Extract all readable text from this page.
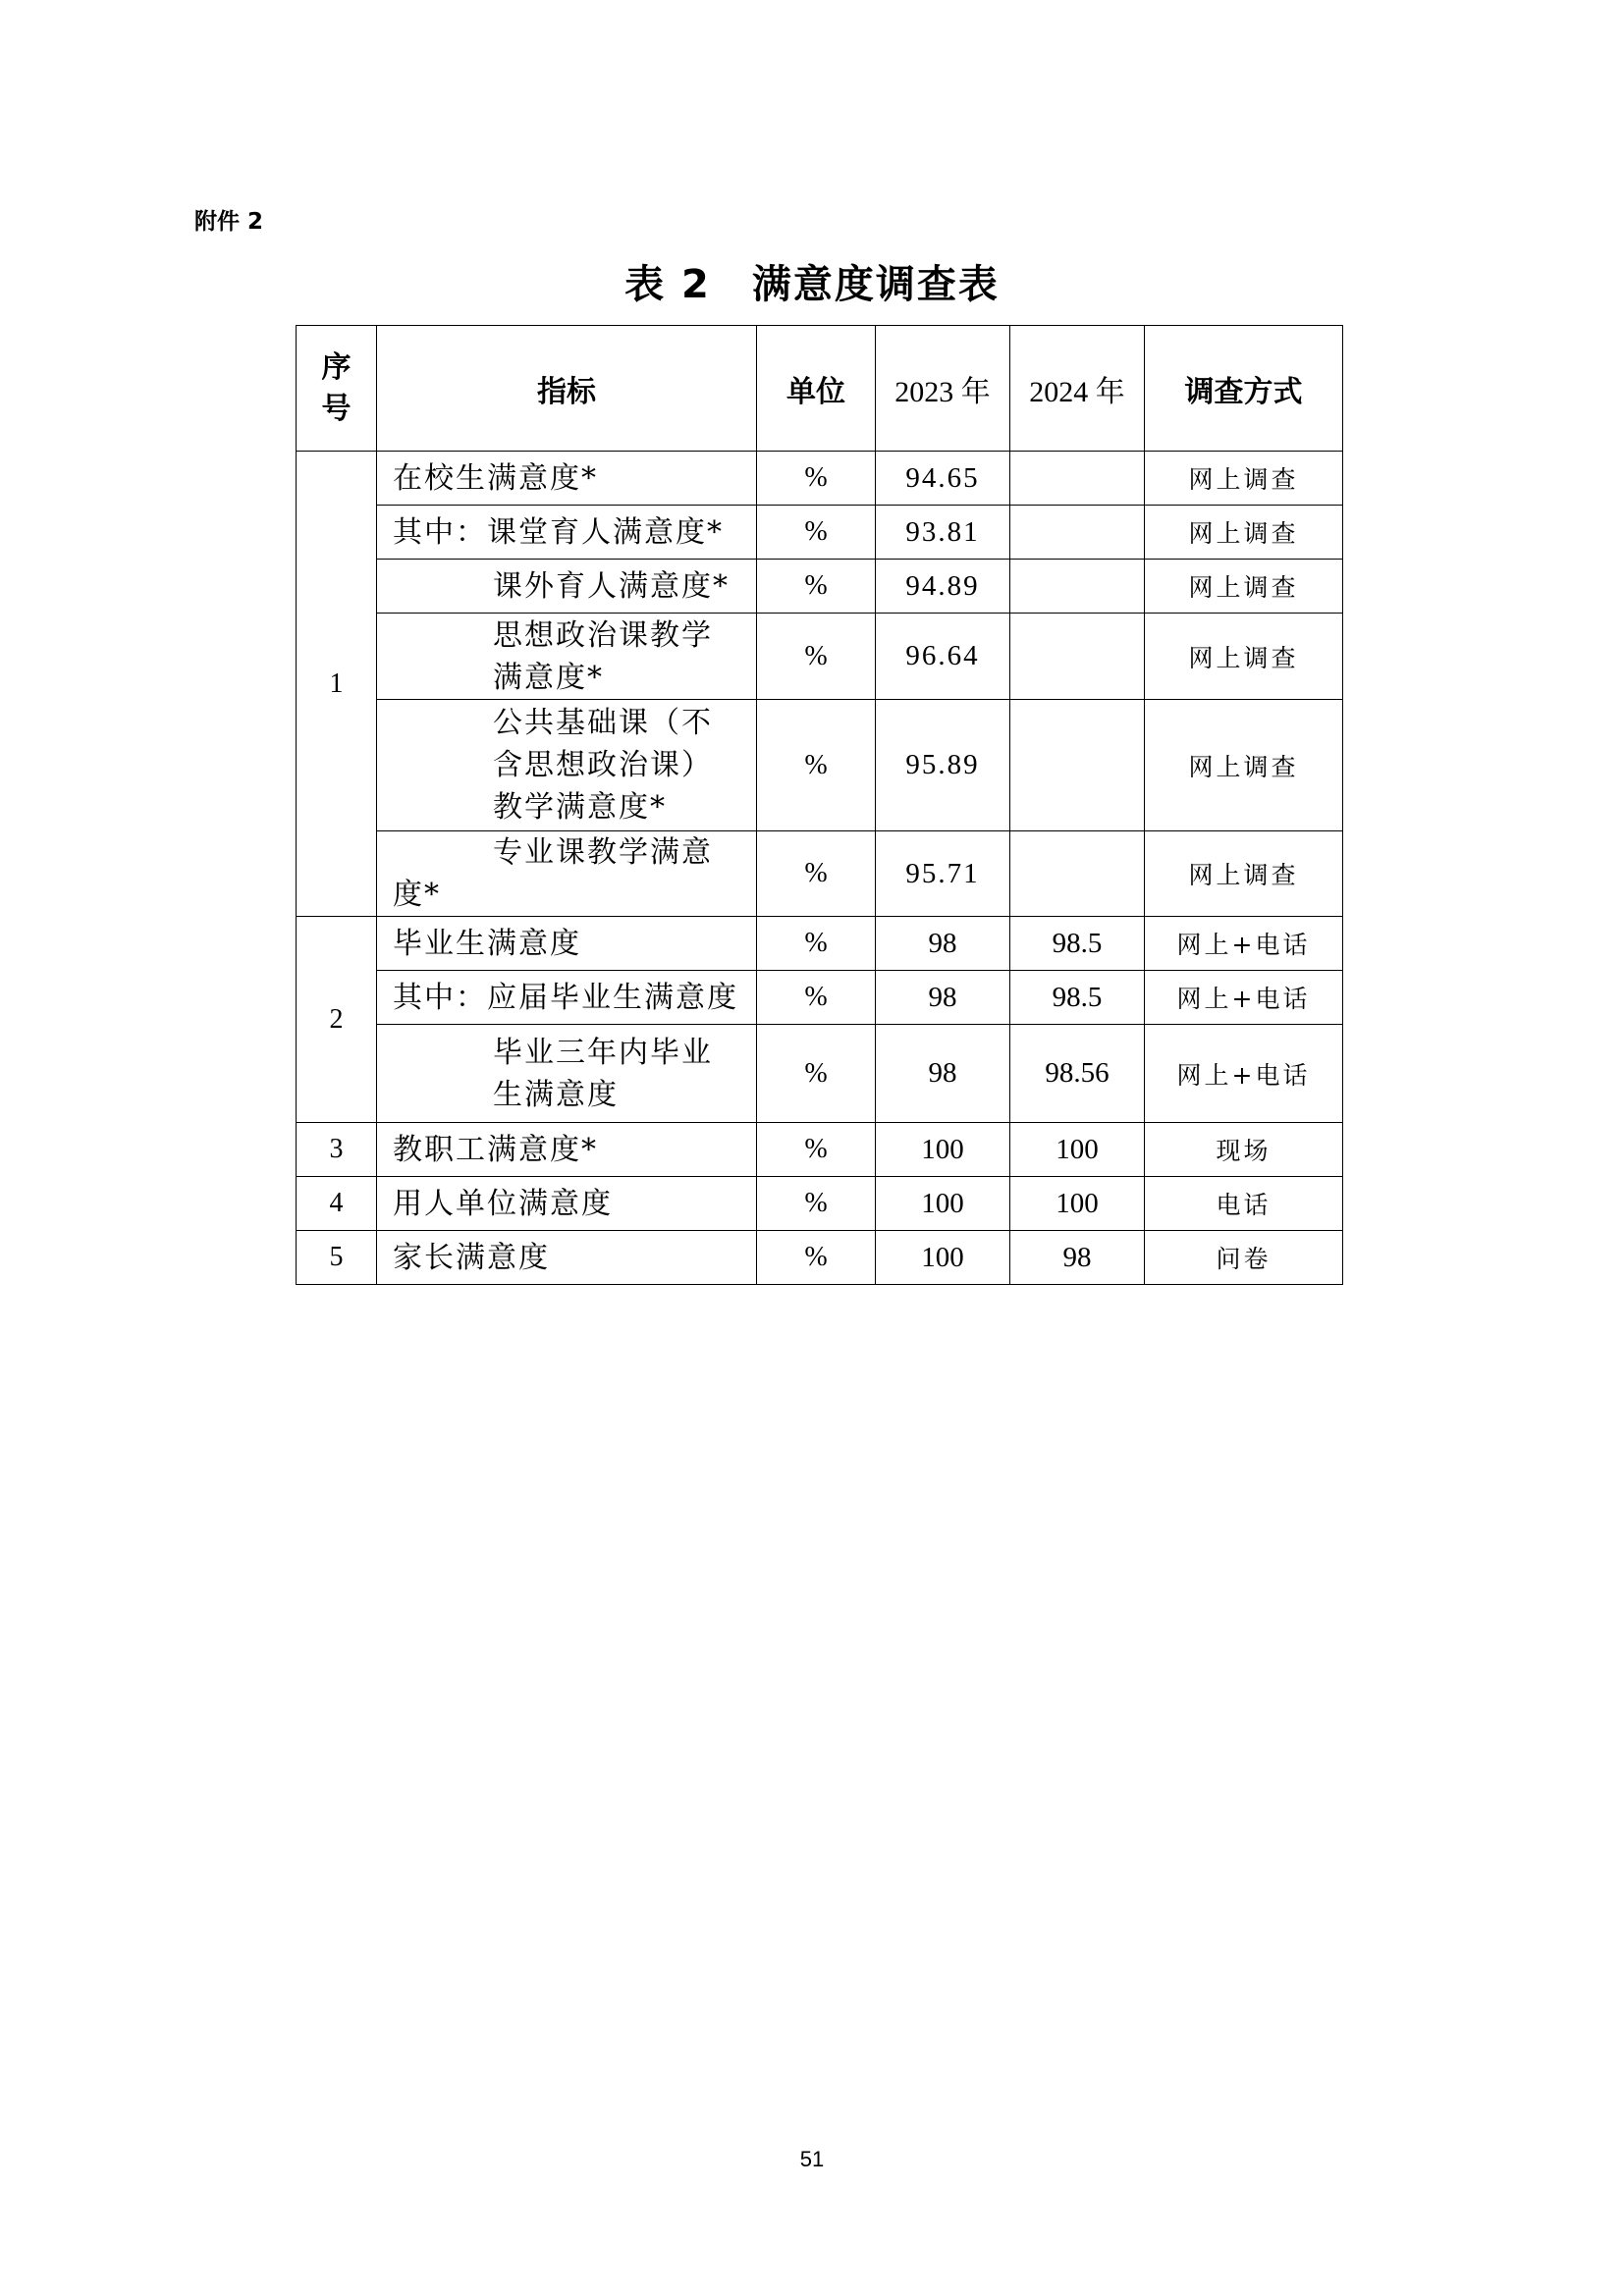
附件 2
表 2　满意度调查表
序
号	指标	单位	2023 年	2024 年	调查方式
1	在校生满意度*	%	94.65		网上调查
	其中：课堂育人满意度*	%	93.81		网上调查
	课外育人满意度*	%	94.89		网上调查
	思想政治课教学满意度*	%	96.64		网上调查
	公共基础课（不含思想政治课）教学满意度*	%	95.89		网上调查

	专业课教学满意度*	%	95.71		网上调查
2	毕业生满意度	%	98	98.5	网上+电话
	其中：应届毕业生满意度	%	98	98.5	网上+电话
	毕业三年内毕业生满意度	%	98	98.56	网上+电话
3	教职工满意度*	%	100	100	现场
4	用人单位满意度	%	100	100	电话
5	家长满意度	%	100	98	问卷
51
